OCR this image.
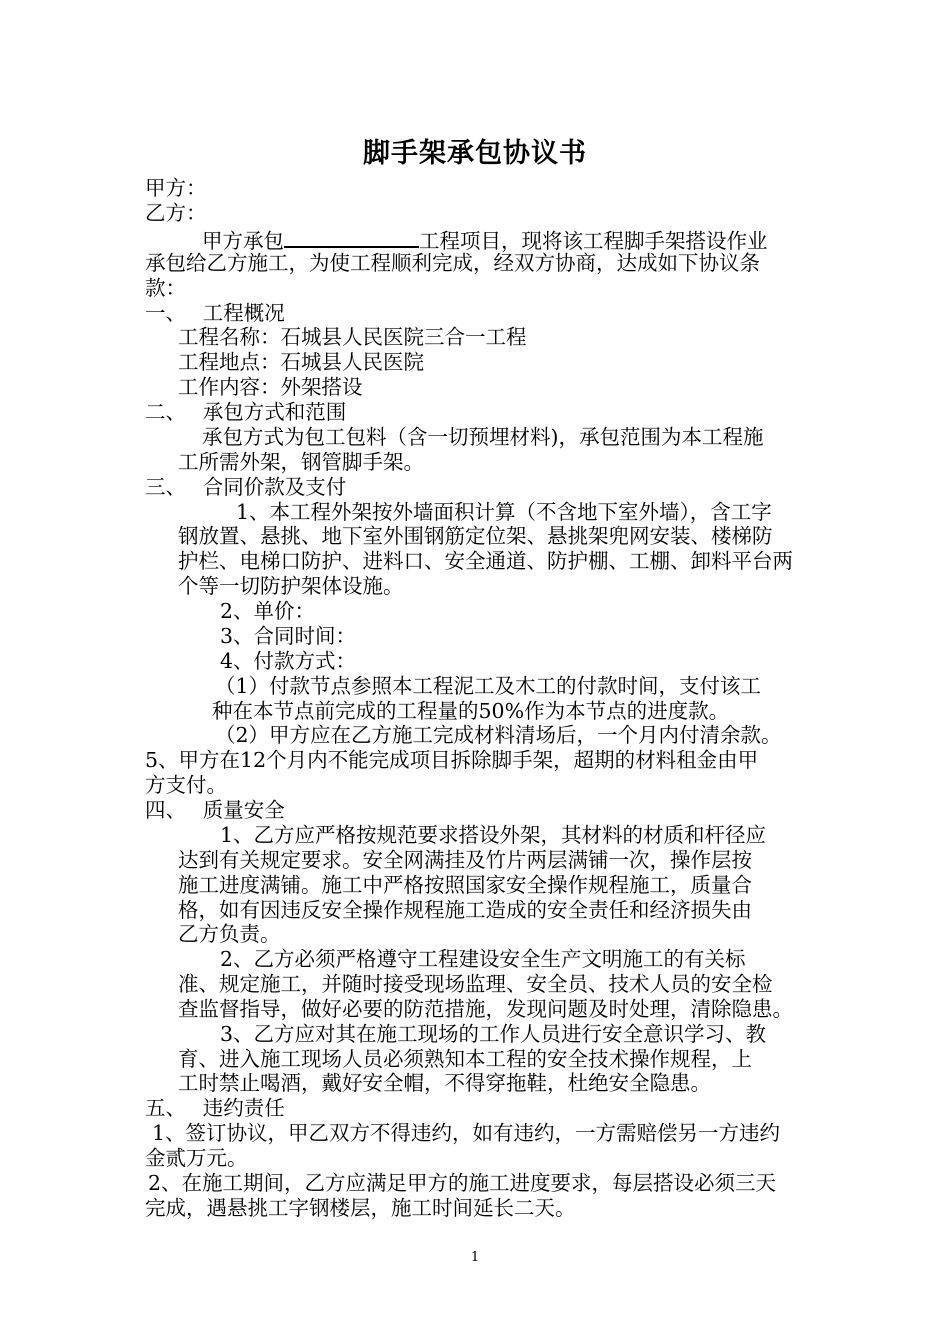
脚手架承包协议书
甲方：
乙方：
甲方承包	工程项目，现将该工程脚手架搭设作业
承包给乙方施工，为使工程顺利完成，经双方协商，达成如下协议条
款：
一、　 工程概况
工程名称：石城县人民医院三合一工程
工程地点：石城县人民医院
工作内容：外架搭设
二、　 承包方式和范围
承包方式为包工包料（含一切预埋材料)，承包范围为本工程施
工所需外架，钢管脚手架。
三、　 合同价款及支付
1、本工程外架按外墙面积计算（不含地下室外墙），含工字
钢放置、悬挑、地下室外围钢筋定位架、悬挑架兜网安装、楼梯防
护栏、电梯口防护、进料口、安全通道、防护棚、工棚、卸料平台两
个等一切防护架体设施。
2、单价：
3、合同时间：
4、付款方式：
（1）付款节点参照本工程泥工及木工的付款时间，支付该工
种在本节点前完成的工程量的50%作为本节点的进度款。
（2）甲方应在乙方施工完成材料清场后，一个月内付清余款。
5、甲方在12个月内不能完成项目拆除脚手架，超期的材料租金由甲
方支付。
四、　 质量安全
1、乙方应严格按规范要求搭设外架，其材料的材质和杆径应
达到有关规定要求。安全网满挂及竹片两层满铺一次，操作层按
施工进度满铺。施工中严格按照国家安全操作规程施工，质量合
格，如有因违反安全操作规程施工造成的安全责任和经济损失由
乙方负责。
2、乙方必须严格遵守工程建设安全生产文明施工的有关标
准、规定施工，并随时接受现场监理、安全员、技术人员的安全检
查监督指导，做好必要的防范措施，发现问题及时处理，清除隐患。
3、乙方应对其在施工现场的工作人员进行安全意识学习、教
育、进入施工现场人员必须熟知本工程的安全技术操作规程，上
工时禁止喝酒，戴好安全帽，不得穿拖鞋，杜绝安全隐患。
五、　 违约责任
1、签订协议，甲乙双方不得违约，如有违约，一方需赔偿另一方违约
金贰万元。
2、在施工期间，乙方应满足甲方的施工进度要求，每层搭设必须三天
完成，遇悬挑工字钢楼层，施工时间延长二天。
1
